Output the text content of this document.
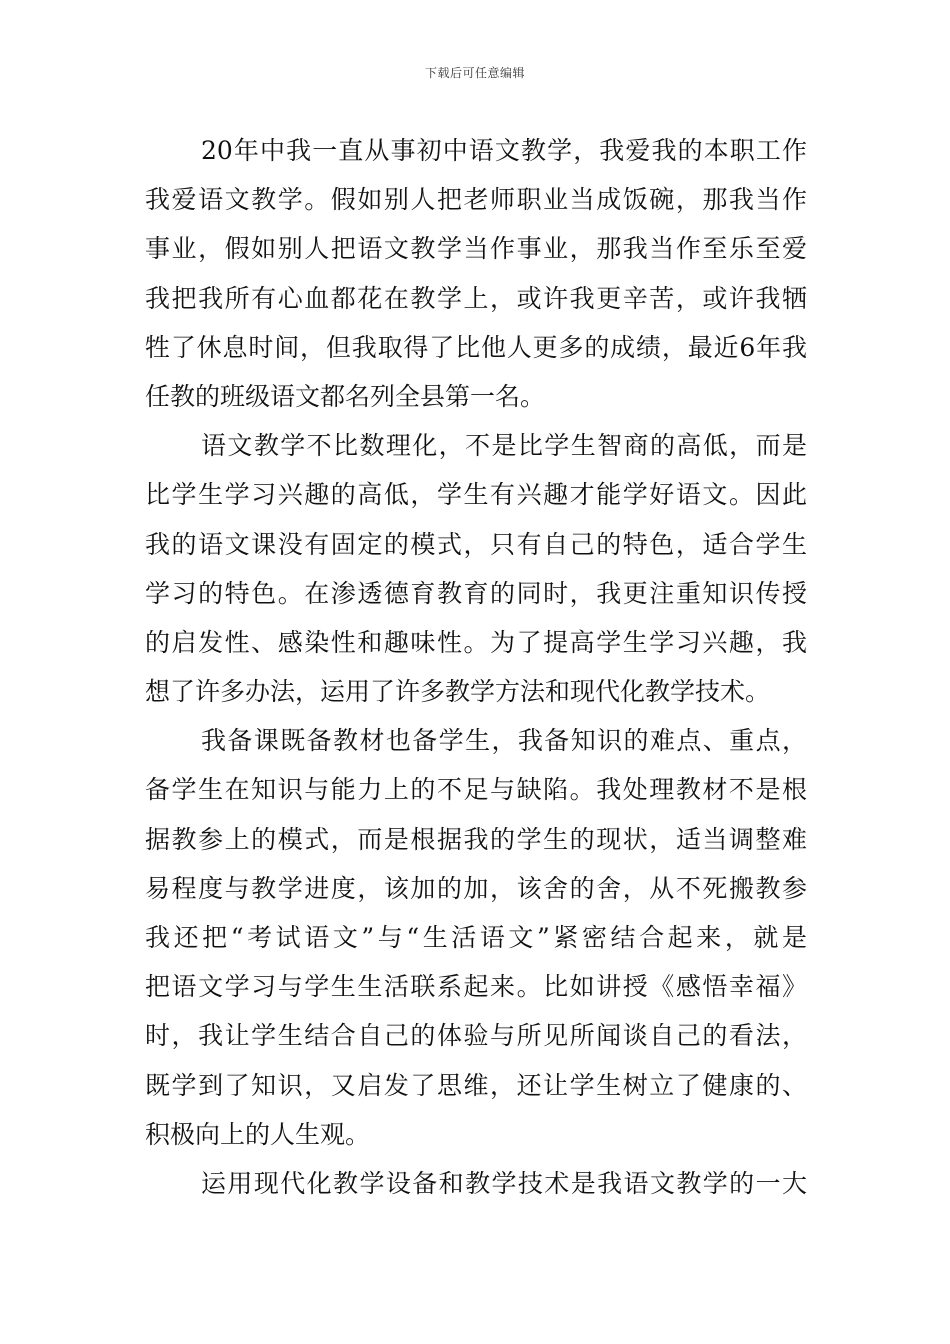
下载后可任意编辑
20年中我一直从事初中语文教学，我爱我的本职工作
我爱语文教学。假如别人把老师职业当成饭碗，那我当作
事业，假如别人把语文教学当作事业，那我当作至乐至爱
我把我所有心血都花在教学上，或许我更辛苦，或许我牺
牲了休息时间，但我取得了比他人更多的成绩，最近6年我
任教的班级语文都名列全县第一名。
语文教学不比数理化，不是比学生智商的高低，而是
比学生学习兴趣的高低，学生有兴趣才能学好语文。因此
我的语文课没有固定的模式，只有自己的特色，适合学生
学习的特色。在渗透德育教育的同时，我更注重知识传授
的启发性、感染性和趣味性。为了提高学生学习兴趣，我
想了许多办法，运用了许多教学方法和现代化教学技术。
我备课既备教材也备学生，我备知识的难点、重点，
备学生在知识与能力上的不足与缺陷。我处理教材不是根
据教参上的模式，而是根据我的学生的现状，适当调整难
易程度与教学进度，该加的加，该舍的舍，从不死搬教参
我还把“考试语文”与“生活语文”紧密结合起来，就是
把语文学习与学生生活联系起来。比如讲授《感悟幸福》
时，我让学生结合自己的体验与所见所闻谈自己的看法，
既学到了知识，又启发了思维，还让学生树立了健康的、
积极向上的人生观。
运用现代化教学设备和教学技术是我语文教学的一大
